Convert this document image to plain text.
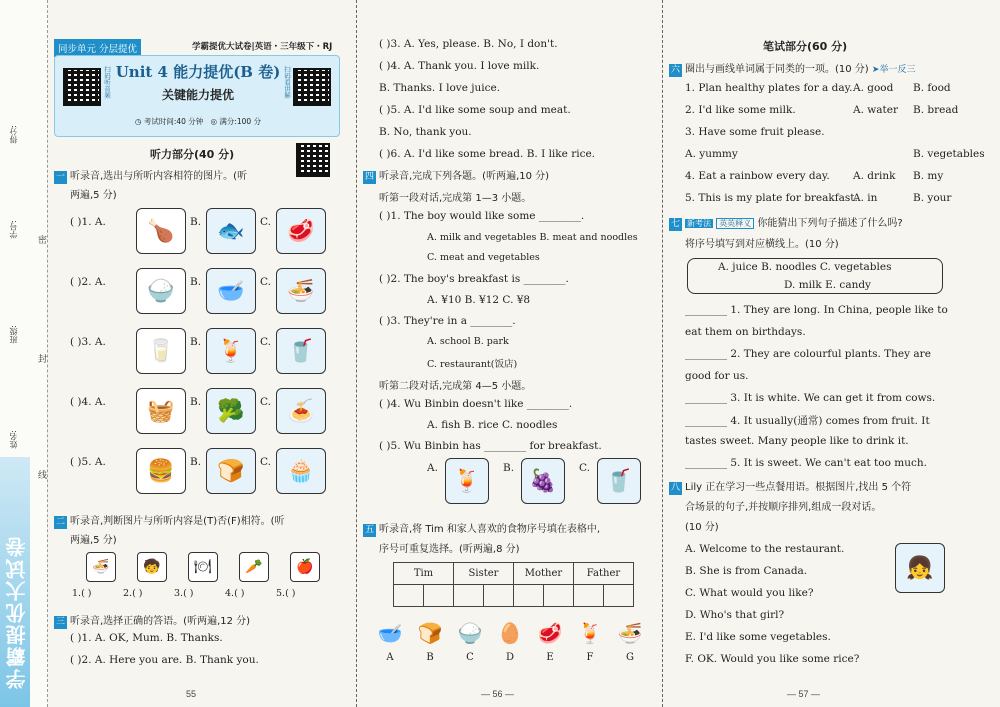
得分:
学号:
班级:
姓名:
密
封
线
学霸提优大试卷
同步单元 分层提优	学霸提优大试卷|英语・三年级下・RJ
扫码听音频	扫码看讲解
Unit 4 能力提优(B 卷)
关键能力提优
◷ 考试时间:40 分钟 ◎ 满分:100 分
听力部分(40 分)
一 听录音,选出与所听内容相符的图片。(听
两遍,5 分)
( )1. A. 🍗 B. 🐟 C. 🥩
( )2. A. 🍚 B. 🥣 C. 🍜
( )3. A. 🥛 B. 🍹 C. 🥤
( )4. A. 🧺 B. 🥦 C. 🍝
( )5. A. 🍔 B. 🍞 C. 🧁
二 听录音,判断图片与所听内容是(T)否(F)相符。(听
两遍,5 分)
🍜
1.( )
🧒
2.( )
🍽
3.( )
🥕
4.( )
🍎
5.( )
三 听录音,选择正确的答语。(听两遍,12 分)
( )1. A. OK, Mum. B. Thanks.
( )2. A. Here you are. B. Thank you.
55
( )3. A. Yes, please. B. No, I don't.
( )4. A. Thank you. I love milk.
B. Thanks. I love juice.
( )5. A. I'd like some soup and meat.
B. No, thank you.
( )6. A. I'd like some bread. B. I like rice.
四 听录音,完成下列各题。(听两遍,10 分)
听第一段对话,完成第 1—3 小题。
( )1. The boy would like some ________.
A. milk and vegetables B. meat and noodles
C. meat and vegetables
( )2. The boy's breakfast is ________.
A. ¥10 B. ¥12 C. ¥8
( )3. They're in a ________.
A. school B. park
C. restaurant(饭店)
听第二段对话,完成第 4—5 小题。
( )4. Wu Binbin doesn't like ________.
A. fish B. rice C. noodles
( )5. Wu Binbin has ________ for breakfast.
A.
🍹
B.
🍇
C.
🥤
五 听录音,将 Tim 和家人喜欢的食物序号填在表格中,
序号可重复选择。(听两遍,8 分)
Tim		Sister		Mother		Father	

🥣
A
🍞
B
🍚
C
🥚
D
🥩
E
🍹
F
🍜
G
— 56 —
笔试部分(60 分)
六 圈出与画线单词属于同类的一项。(10 分) ➤举一反三
1. Plan healthy plates for a day. A. good B. food
2. I'd like some milk.	A. water B. bread
3. Have some fruit please.
A. yummy	B. vegetables
4. Eat a rainbow every day. A. drink B. my
5. This is my plate for breakfast.
A. in	B. your
七 新考法 英英释义 你能猜出下列句子描述了什么吗?
将序号填写到对应横线上。(10 分)
A. juice B. noodles C. vegetables
D. milk E. candy
________ 1. They are long. In China, people like to
eat them on birthdays.
________ 2. They are colourful plants. They are
good for us.
________ 3. It is white. We can get it from cows.
________ 4. It usually(通常) comes from fruit. It
tastes sweet. Many people like to drink it.
________ 5. It is sweet. We can't eat too much.
八 Lily 正在学习一些点餐用语。根据图片,找出 5 个符
合场景的句子,并按顺序排列,组成一段对话。
(10 分)
👧
A. Welcome to the restaurant.
B. She is from Canada.
C. What would you like?
D. Who's that girl?
E. I'd like some vegetables.
F. OK. Would you like some rice?
— 57 —
